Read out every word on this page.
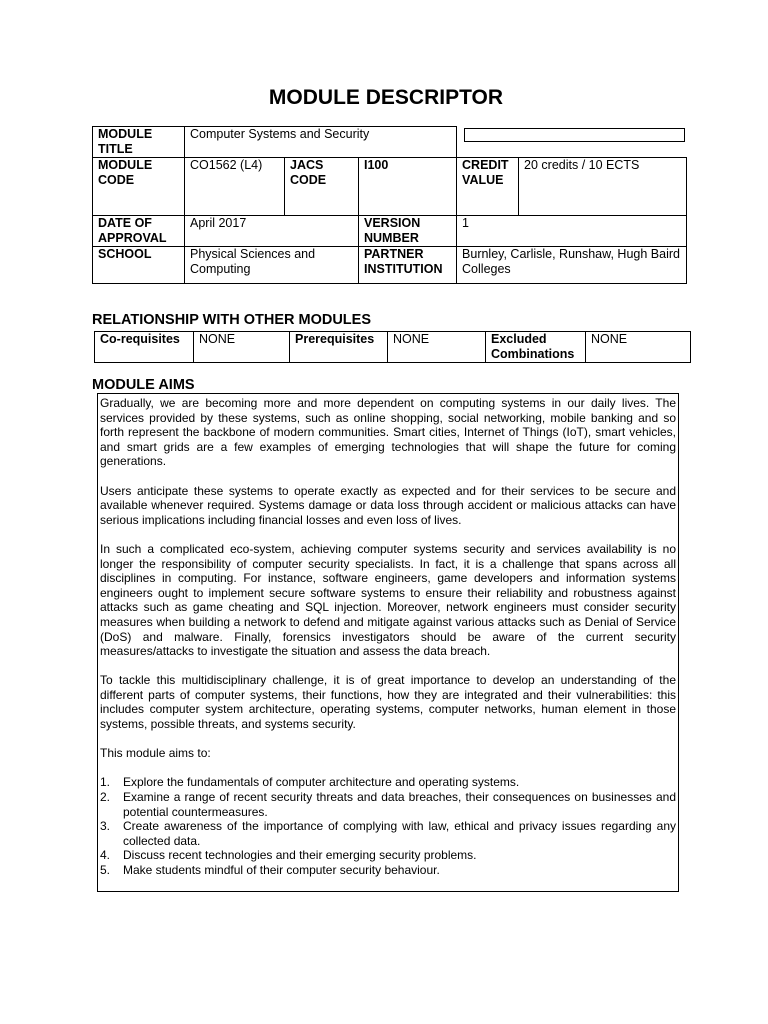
MODULE DESCRIPTOR
MODULE TITLE	Computer Systems and Security				

MODULE CODE	CO1562 (L4)	JACS CODE	I100	CREDIT VALUE	20 credits / 10 ECTS
DATE OF APPROVAL	April 2017		VERSION NUMBER	1	
SCHOOL	Physical Sciences and Computing		PARTNER INSTITUTION	Burnley, Carlisle, Runshaw, Hugh Baird Colleges	
RELATIONSHIP WITH OTHER MODULES
Co-requisites	NONE	Prerequisites	NONE	Excluded Combinations	NONE
MODULE AIMS

Gradually, we are becoming more and more dependent on computing systems in our daily lives. The services provided by these systems, such as online shopping, social networking, mobile banking and so forth represent the backbone of modern communities. Smart cities, Internet of Things (IoT), smart vehicles, and smart grids are a few examples of emerging technologies that will shape the future for coming generations.

Users anticipate these systems to operate exactly as expected and for their services to be secure and available whenever required. Systems damage or data loss through accident or malicious attacks can have serious implications including financial losses and even loss of lives.

In such a complicated eco-system, achieving computer systems security and services availability is no longer the responsibility of computer security specialists. In fact, it is a challenge that spans across all disciplines in computing. For instance, software engineers, game developers and information systems engineers ought to implement secure software systems to ensure their reliability and robustness against attacks such as game cheating and SQL injection. Moreover, network engineers must consider security measures when building a network to defend and mitigate against various attacks such as Denial of Service (DoS) and malware. Finally, forensics investigators should be aware of the current security measures/attacks to investigate the situation and assess the data breach.

To tackle this multidisciplinary challenge, it is of great importance to develop an understanding of the different parts of computer systems, their functions, how they are integrated and their vulnerabilities: this includes computer system architecture, operating systems, computer networks, human element in those systems, possible threats, and systems security.

This module aims to:

1. Explore the fundamentals of computer architecture and operating systems.
2. Examine a range of recent security threats and data breaches, their consequences on businesses and potential countermeasures.
3. Create awareness of the importance of complying with law, ethical and privacy issues regarding any collected data.
4. Discuss recent technologies and their emerging security problems.
5. Make students mindful of their computer security behaviour.
